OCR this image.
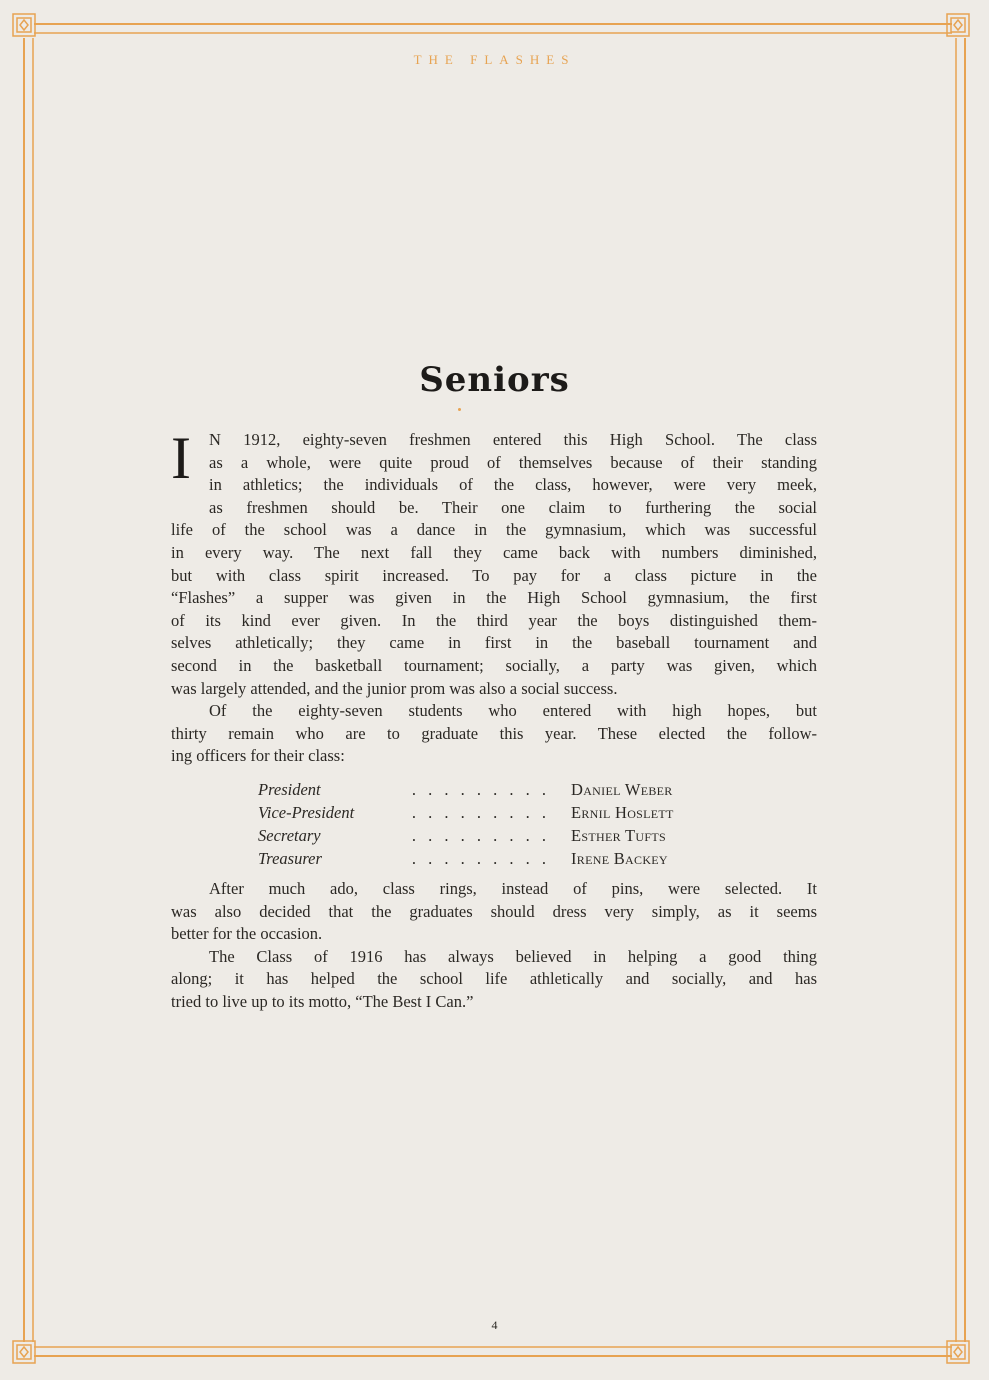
THE FLASHES
Seniors
I	N 1912, eighty-seven freshmen entered this High School. The class
as a whole, were quite proud of themselves because of their standing
in athletics; the individuals of the class, however, were very meek,
as freshmen should be. Their one claim to furthering the social
life of the school was a dance in the gymnasium, which was successful
in every way. The next fall they came back with numbers diminished,
but with class spirit increased. To pay for a class picture in the
“Flashes” a supper was given in the High School gymnasium, the first
of its kind ever given. In the third year the boys distinguished them-
selves athletically; they came in first in the baseball tournament and
second in the basketball tournament; socially, a party was given, which
was largely attended, and the junior prom was also a social success.
Of the eighty-seven students who entered with high hopes, but
thirty remain who are to graduate this year. These elected the follow-
ing officers for their class:
President	. . . . . . . . . Daniel Weber
Vice-President	. . . . . . . . . Ernil Hoslett
Secretary	. . . . . . . . . Esther Tufts
Treasurer	. . . . . . . . . Irene Backey
After much ado, class rings, instead of pins, were selected. It
was also decided that the graduates should dress very simply, as it seems
better for the occasion.
The Class of 1916 has always believed in helping a good thing
along; it has helped the school life athletically and socially, and has
tried to live up to its motto, “The Best I Can.”
4
